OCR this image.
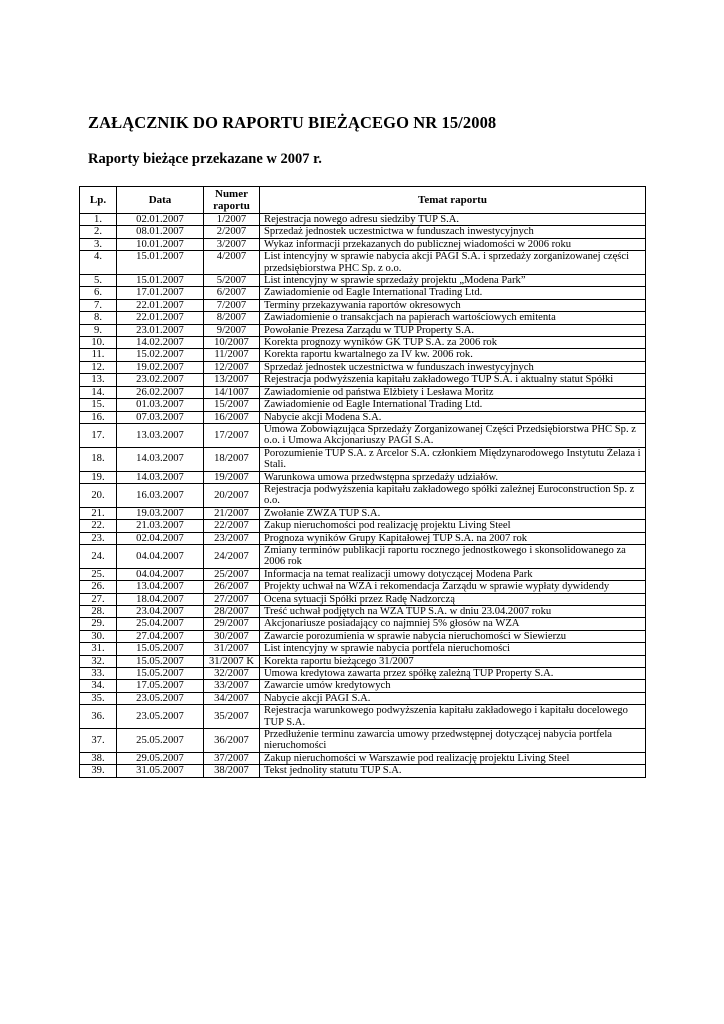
ZAŁĄCZNIK DO RAPORTU BIEŻĄCEGO NR 15/2008
Raporty bieżące przekazane w 2007 r.
Lp.	Data	Numer raportu	Temat raportu
1.	02.01.2007	1/2007	Rejestracja nowego adresu siedziby TUP S.A.
2.	08.01.2007	2/2007	Sprzedaż jednostek uczestnictwa w funduszach inwestycyjnych
3.	10.01.2007	3/2007	Wykaz informacji przekazanych do publicznej wiadomości w 2006 roku
4.	15.01.2007	4/2007	List intencyjny w sprawie nabycia akcji PAGI S.A. i sprzedaży zorganizowanej części przedsiębiorstwa PHC Sp. z o.o.
5.	15.01.2007	5/2007	List intencyjny w sprawie sprzedaży projektu „Modena Park”
6.	17.01.2007	6/2007	Zawiadomienie od Eagle International Trading Ltd.
7.	22.01.2007	7/2007	Terminy przekazywania raportów okresowych
8.	22.01.2007	8/2007	Zawiadomienie o transakcjach na papierach wartościowych emitenta
9.	23.01.2007	9/2007	Powołanie Prezesa Zarządu w TUP Property S.A.
10.	14.02.2007	10/2007	Korekta prognozy wyników GK TUP S.A. za 2006 rok
11.	15.02.2007	11/2007	Korekta raportu kwartalnego za IV kw. 2006 rok.
12.	19.02.2007	12/2007	Sprzedaż jednostek uczestnictwa w funduszach inwestycyjnych
13.	23.02.2007	13/2007	Rejestracja podwyższenia kapitału zakładowego TUP S.A. i aktualny statut Spółki
14.	26.02.2007	14/1007	Zawiadomienie od państwa Elżbiety i Lesława Moritz
15.	01.03.2007	15/2007	Zawiadomienie od Eagle International Trading Ltd.
16.	07.03.2007	16/2007	Nabycie akcji Modena S.A.
17.	13.03.2007	17/2007	Umowa Zobowiązująca Sprzedaży Zorganizowanej Części Przedsiębiorstwa PHC Sp. z o.o. i Umowa Akcjonariuszy PAGI S.A.
18.	14.03.2007	18/2007	Porozumienie TUP S.A. z Arcelor S.A. członkiem Międzynarodowego Instytutu Żelaza i Stali.
19.	14.03.2007	19/2007	Warunkowa umowa przedwstępna sprzedaży udziałów.
20.	16.03.2007	20/2007	Rejestracja podwyższenia kapitału zakładowego spółki zależnej Euroconstruction Sp. z o.o.
21.	19.03.2007	21/2007	Zwołanie ZWZA TUP S.A.
22.	21.03.2007	22/2007	Zakup nieruchomości pod realizację projektu Living Steel
23.	02.04.2007	23/2007	Prognoza wyników Grupy Kapitałowej TUP S.A. na 2007 rok
24.	04.04.2007	24/2007	Zmiany terminów publikacji raportu rocznego jednostkowego i skonsolidowanego za 2006 rok
25.	04.04.2007	25/2007	Informacja na temat realizacji umowy dotyczącej Modena Park
26.	13.04.2007	26/2007	Projekty uchwał na WZA i rekomendacja Zarządu w sprawie wypłaty dywidendy
27.	18.04.2007	27/2007	Ocena sytuacji Spółki przez Radę Nadzorczą
28.	23.04.2007	28/2007	Treść uchwał podjętych na WZA TUP S.A. w dniu 23.04.2007 roku
29.	25.04.2007	29/2007	Akcjonariusze posiadający co najmniej 5% głosów na WZA
30.	27.04.2007	30/2007	Zawarcie porozumienia w sprawie nabycia nieruchomości w Siewierzu
31.	15.05.2007	31/2007	List intencyjny w sprawie nabycia portfela nieruchomości
32.	15.05.2007	31/2007 K	Korekta raportu bieżącego 31/2007
33.	15.05.2007	32/2007	Umowa kredytowa zawarta przez spółkę zależną TUP Property S.A.
34.	17.05.2007	33/2007	Zawarcie umów kredytowych
35.	23.05.2007	34/2007	Nabycie akcji PAGI S.A.
36.	23.05.2007	35/2007	Rejestracja warunkowego podwyższenia kapitału zakładowego i kapitału docelowego TUP S.A.
37.	25.05.2007	36/2007	Przedłużenie terminu zawarcia umowy przedwstępnej dotyczącej nabycia portfela nieruchomości
38.	29.05.2007	37/2007	Zakup nieruchomości w Warszawie pod realizację projektu Living Steel
39.	31.05.2007	38/2007	Tekst jednolity statutu TUP S.A.
